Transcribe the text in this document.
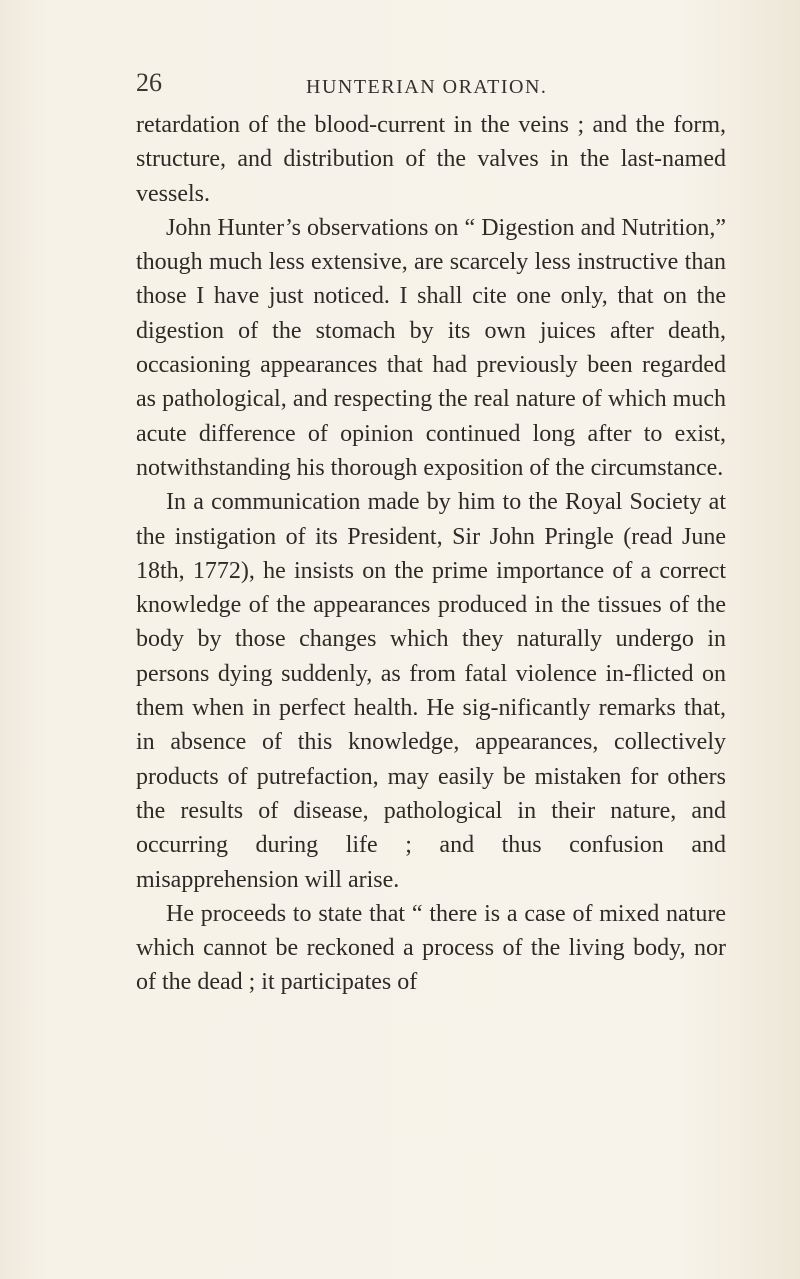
26	HUNTERIAN ORATION.

retardation of the blood-current in the veins ; and the form, structure, and distribution of the valves in the last-named vessels.

John Hunter’s observations on “ Digestion and Nutrition,” though much less extensive, are scarcely less instructive than those I have just noticed. I shall cite one only, that on the digestion of the stomach by its own juices after death, occasioning appearances that had previously been regarded as pathological, and respecting the real nature of which much acute difference of opinion continued long after to exist, notwithstanding his thorough exposition of the circumstance.

In a communication made by him to the Royal Society at the instigation of its President, Sir John Pringle (read June 18th, 1772), he insists on the prime importance of a correct knowledge of the appearances produced in the tissues of the body by those changes which they naturally undergo in persons dying suddenly, as from fatal violence in-flicted on them when in perfect health. He sig-nificantly remarks that, in absence of this knowledge, appearances, collectively products of putrefaction, may easily be mistaken for others the results of disease, pathological in their nature, and occurring during life ; and thus confusion and misapprehension will arise.

He proceeds to state that “ there is a case of mixed nature which cannot be reckoned a process of the living body, nor of the dead ; it participates of
